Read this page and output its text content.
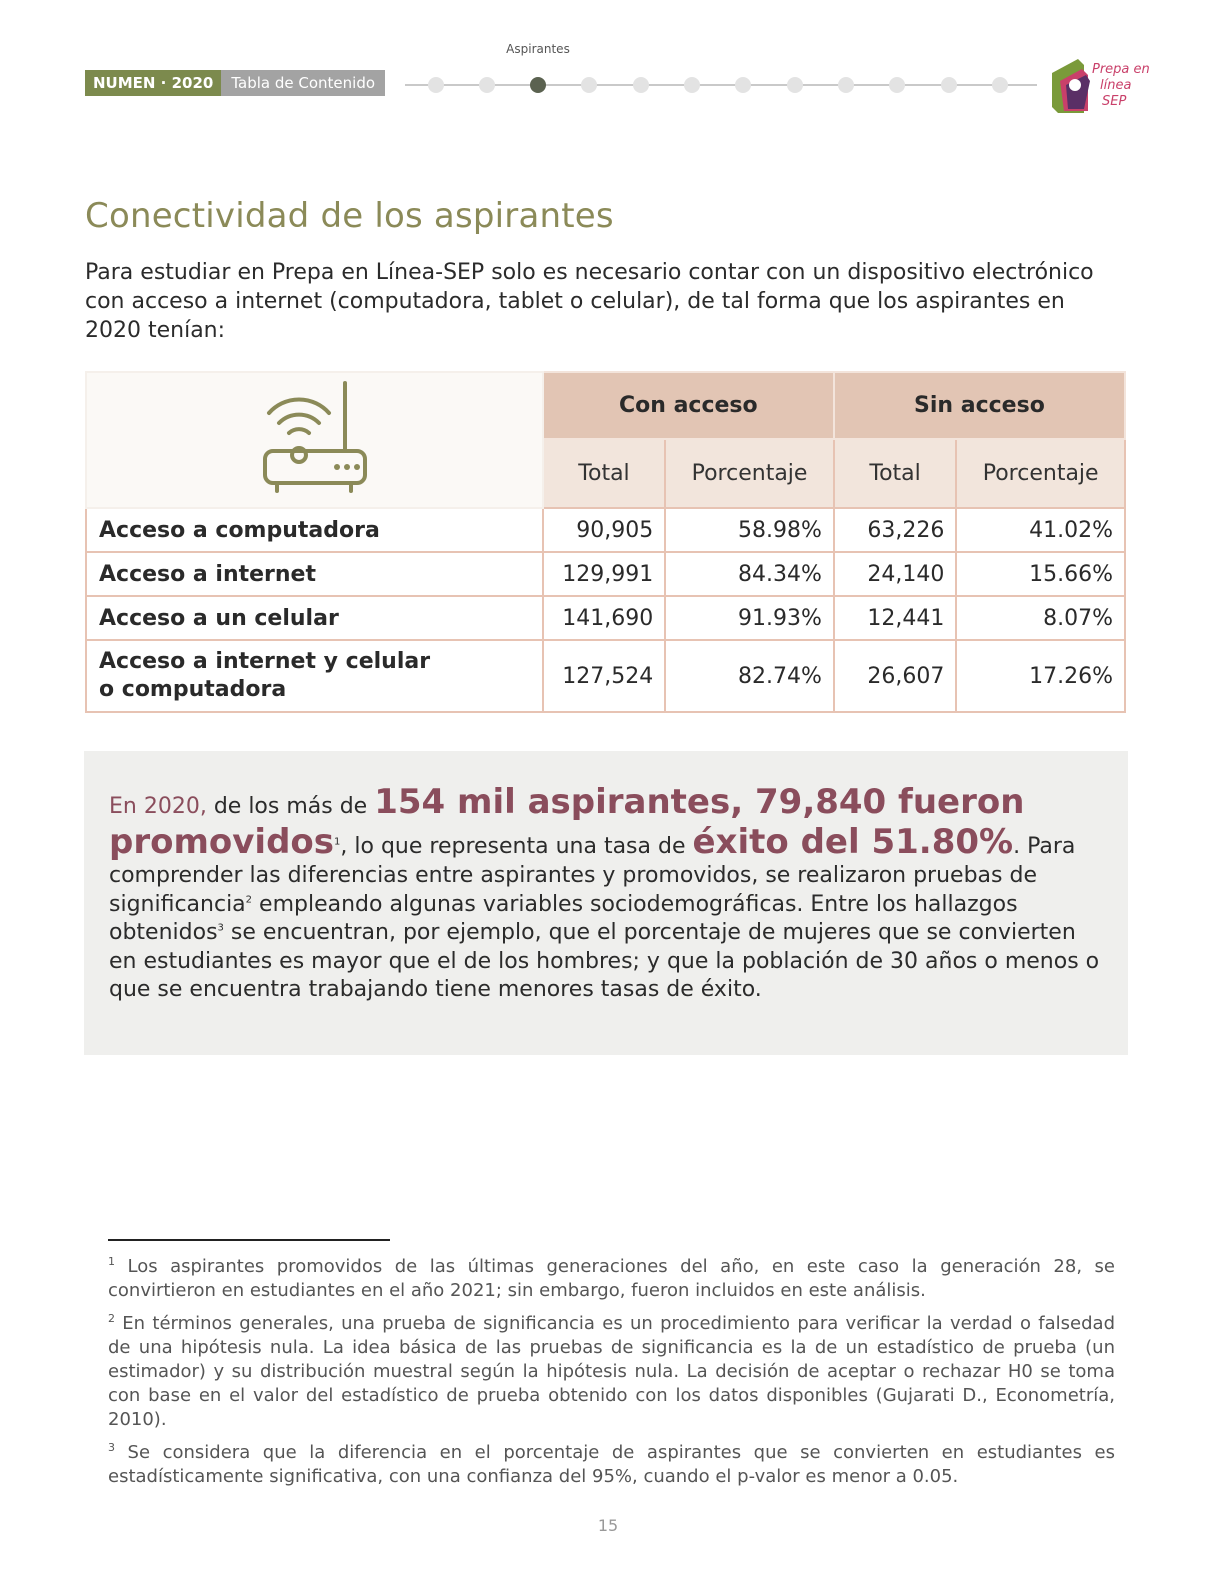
NUMEN · 2020	Tabla de Contenido
Aspirantes
Prepa en
línea
SEP
Conectividad de los aspirantes
Para estudiar en Prepa en Línea-SEP solo es necesario contar con un dispositivo electrónico con acceso a internet (computadora, tablet o celular), de tal forma que los aspirantes en 2020 tenían:
	Con acceso		Sin acceso	
	Total	Porcentaje	Total	Porcentaje
Acceso a computadora	90,905	58.98%	63,226	41.02%
Acceso a internet	129,991	84.34%	24,140	15.66%
Acceso a un celular	141,690	91.93%	12,441	8.07%
Acceso a internet y celular
o computadora	127,524	82.74%	26,607	17.26%
En 2020, de los más de 154 mil aspirantes, 79,840 fueron promovidos$^1$, lo que representa una tasa de éxito del 51.80%. Para comprender las diferencias entre aspirantes y promovidos, se realizaron pruebas de significancia$^2$ empleando algunas variables sociodemográficas. Entre los hallazgos obtenidos$^3$ se encuentran, por ejemplo, que el porcentaje de mujeres que se convierten en estudiantes es mayor que el de los hombres; y que la población de 30 años o menos o que se encuentra trabajando tiene menores tasas de éxito.
$^1$ Los aspirantes promovidos de las últimas generaciones del año, en este caso la generación 28, se convirtieron en estudiantes en el año 2021; sin embargo, fueron incluidos en este análisis.
$^2$ En términos generales, una prueba de significancia es un procedimiento para verificar la verdad o falsedad de una hipótesis nula. La idea básica de las pruebas de significancia es la de un estadístico de prueba (un estimador) y su distribución muestral según la hipótesis nula. La decisión de aceptar o rechazar H0 se toma con base en el valor del estadístico de prueba obtenido con los datos disponibles (Gujarati D., Econometría, 2010).
$^3$ Se considera que la diferencia en el porcentaje de aspirantes que se convierten en estudiantes es estadísticamente significativa, con una confianza del 95%, cuando el p-valor es menor a 0.05.
15
